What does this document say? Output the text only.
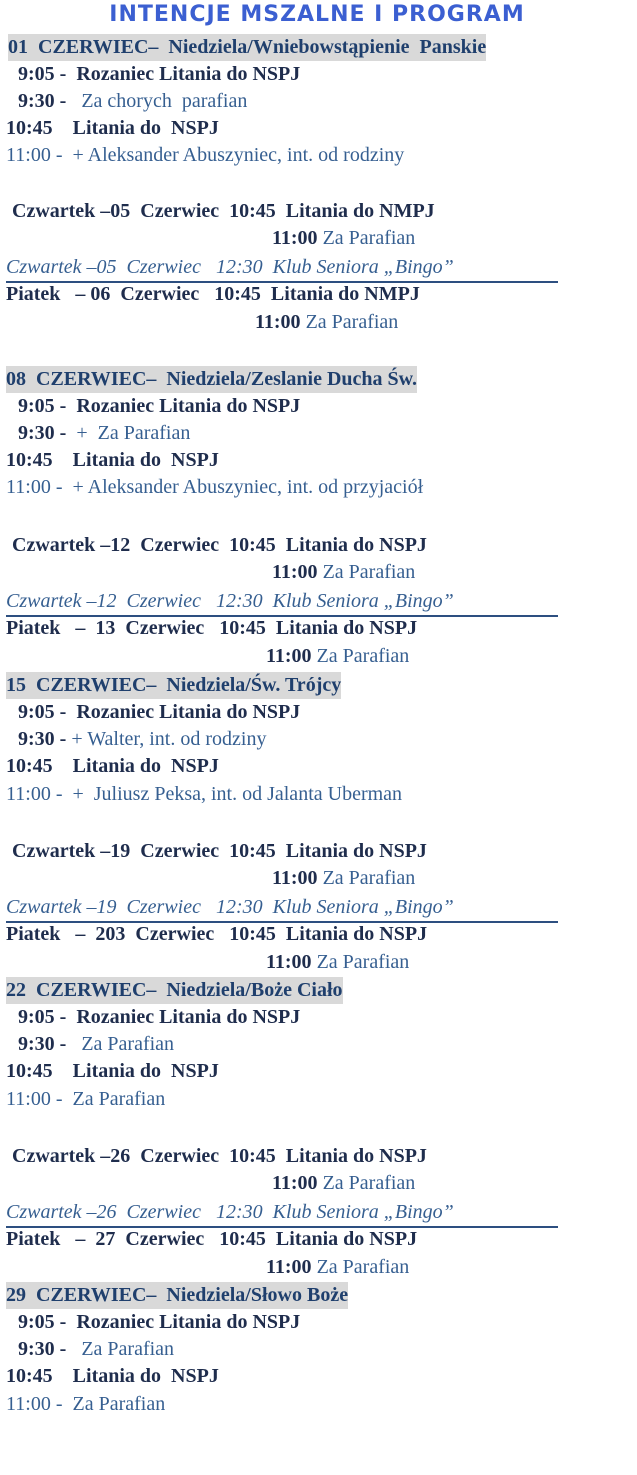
INTENCJE MSZALNE I PROGRAM
01  CZERWIEC–  Niedziela/Wniebowstąpienie  Panskie
9:05 - Rozaniec Litania do NSPJ
9:30 -   Za chorych  parafian
10:45 Litania do  NSPJ
11:00 -  + Aleksander Abuszyniec, int. od rodziny
Czwartek –05  Czerwiec  10:45  Litania do NMPJ
11:00 Za Parafian
Czwartek –05  Czerwiec   12:30  Klub Seniora „Bingo”
Piatek   – 06  Czerwiec   10:45  Litania do NMPJ
11:00 Za Parafian
08  CZERWIEC–  Niedziela/Zeslanie Ducha Św.
9:05 - Rozaniec Litania do NSPJ
9:30 -  +  Za Parafian
10:45 Litania do  NSPJ
11:00 -  + Aleksander Abuszyniec, int. od przyjaciół
Czwartek –12  Czerwiec  10:45  Litania do NSPJ
11:00 Za Parafian
Czwartek –12  Czerwiec   12:30  Klub Seniora „Bingo”
Piatek   –  13  Czerwiec   10:45  Litania do NSPJ
11:00 Za Parafian
15  CZERWIEC–  Niedziela/Św. Trójcy
9:05 - Rozaniec Litania do NSPJ
9:30 - + Walter, int. od rodziny
10:45 Litania do  NSPJ
11:00 -  +  Juliusz Peksa, int. od Jalanta Uberman
Czwartek –19  Czerwiec  10:45  Litania do NSPJ
11:00 Za Parafian
Czwartek –19  Czerwiec   12:30  Klub Seniora „Bingo”
Piatek   –  203  Czerwiec   10:45  Litania do NSPJ
11:00 Za Parafian
22  CZERWIEC–  Niedziela/Boże Ciało
9:05 - Rozaniec Litania do NSPJ
9:30 -   Za Parafian
10:45 Litania do  NSPJ
11:00 -  Za Parafian
Czwartek –26  Czerwiec  10:45  Litania do NSPJ
11:00 Za Parafian
Czwartek –26  Czerwiec   12:30  Klub Seniora „Bingo”
Piatek   –  27  Czerwiec   10:45  Litania do NSPJ
11:00 Za Parafian
29  CZERWIEC–  Niedziela/Słowo Boże
9:05 - Rozaniec Litania do NSPJ
9:30 -   Za Parafian
10:45 Litania do  NSPJ
11:00 -  Za Parafian
